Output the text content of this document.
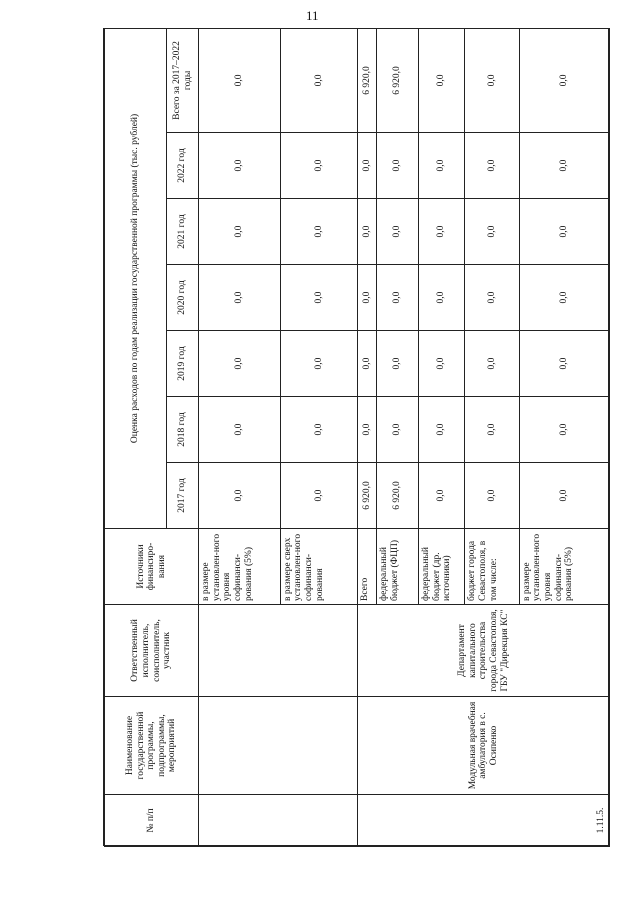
11
№ п/п	Наименование государственной программы, подпрограммы, мероприятий	Ответственный исполнитель, соисполнитель, участник	Источники финансиро-вания	Оценка расходов по годам реализации государственной программы (тыс. рублей)						
				2017 год	2018 год	2019 год	2020 год	2021 год	2022 год	Всего за 2017–2022 годы
			в размере установлен-ного уровня софинанси-рования (5%)	0,0	0,0	0,0	0,0	0,0	0,0	0,0
			в размере сверх установлен-ного софинанси-рования	0,0	0,0	0,0	0,0	0,0	0,0	0,0
1.11.5.	Модульная врачебная амбулатория в с. Осипенко	Департамент капитального строительства города Севастополя, ГБУ "Дирекция КС"	Всего	6 920,0	0,0	0,0	0,0	0,0	0,0	6 920,0
			федеральный бюджет (ФЦП)	6 920,0	0,0	0,0	0,0	0,0	0,0	6 920,0
			федеральный бюджет (др. источники)	0,0	0,0	0,0	0,0	0,0	0,0	0,0
			бюджет города Севастополя, в том числе:	0,0	0,0	0,0	0,0	0,0	0,0	0,0
			в размере установлен-ного уровня софинанси-рования (5%)	0,0	0,0	0,0	0,0	0,0	0,0	0,0
